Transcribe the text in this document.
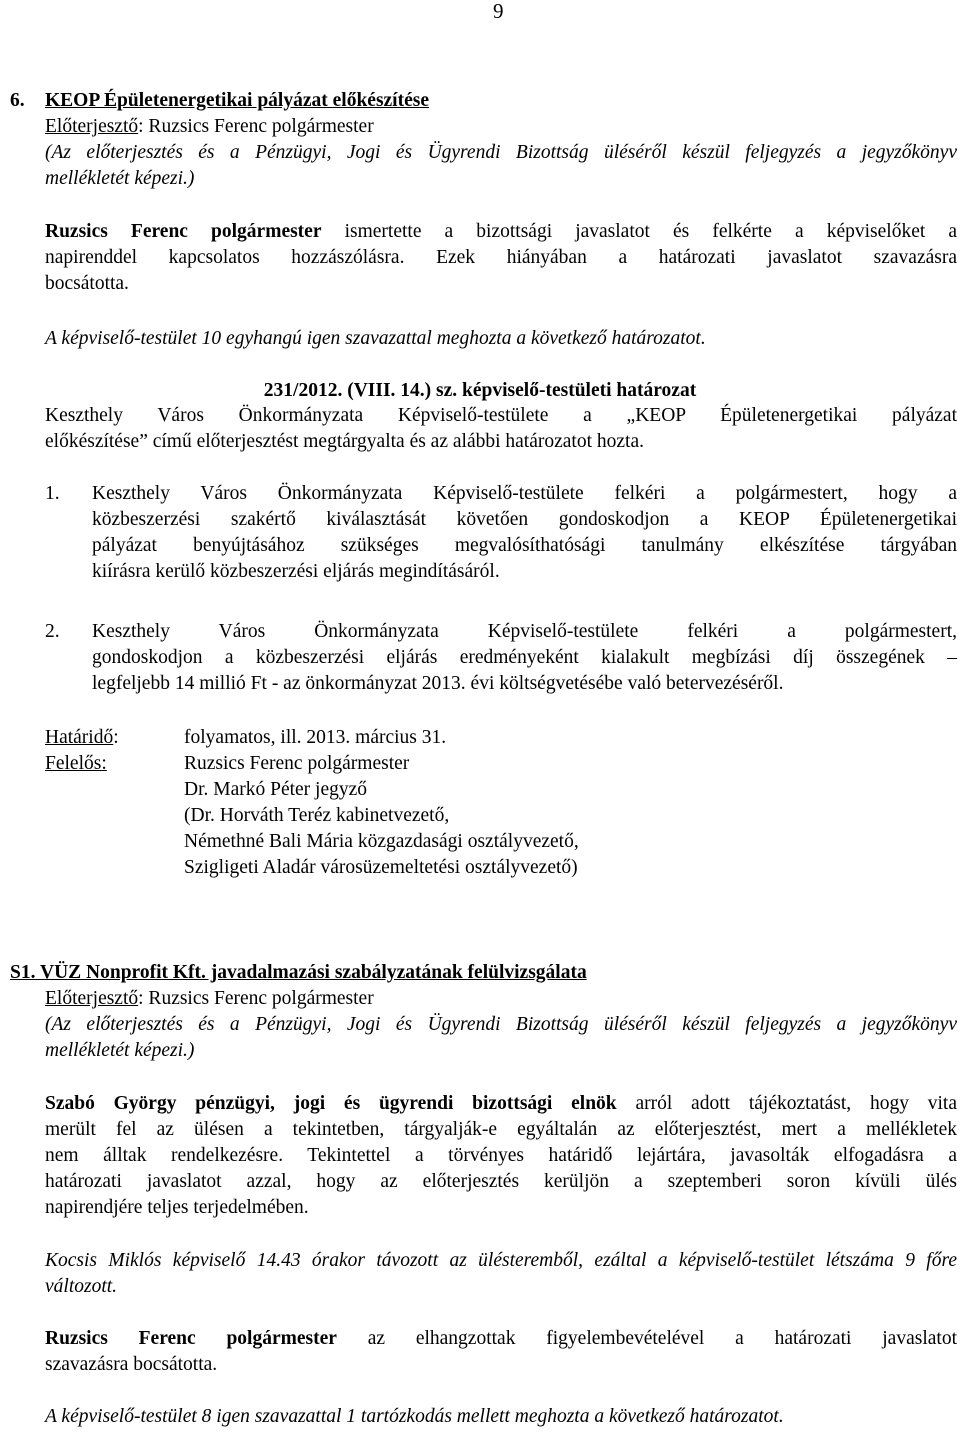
9
6. KEOP Épületenergetikai pályázat előkészítése
Előterjesztő: Ruzsics Ferenc polgármester
(Az előterjesztés és a Pénzügyi, Jogi és Ügyrendi Bizottság üléséről készül feljegyzés a jegyzőkönyv
mellékletét képezi.)
Ruzsics Ferenc polgármester ismertette a bizottsági javaslatot és felkérte a képviselőket a
napirenddel kapcsolatos hozzászólásra. Ezek hiányában a határozati javaslatot szavazásra
bocsátotta.
A képviselő-testület 10 egyhangú igen szavazattal meghozta a következő határozatot.
231/2012. (VIII. 14.) sz. képviselő-testületi határozat
Keszthely Város Önkormányzata Képviselő-testülete a „KEOP Épületenergetikai pályázat
előkészítése” című előterjesztést megtárgyalta és az alábbi határozatot hozta.
1. Keszthely Város Önkormányzata Képviselő-testülete felkéri a polgármestert, hogy a
közbeszerzési szakértő kiválasztását követően gondoskodjon a KEOP Épületenergetikai
pályázat benyújtásához szükséges megvalósíthatósági tanulmány elkészítése tárgyában
kiírásra kerülő közbeszerzési eljárás megindításáról.
2. Keszthely Város Önkormányzata Képviselő-testülete felkéri a polgármestert,
gondoskodjon a közbeszerzési eljárás eredményeként kialakult megbízási díj összegének –
legfeljebb 14 millió Ft - az önkormányzat 2013. évi költségvetésébe való betervezéséről.
Határidő:	folyamatos, ill. 2013. március 31.
Felelős:	Ruzsics Ferenc polgármester
Dr. Markó Péter jegyző
(Dr. Horváth Teréz kabinetvezető,
Némethné Bali Mária közgazdasági osztályvezető,
Szigligeti Aladár városüzemeltetési osztályvezető)
S1. VÜZ Nonprofit Kft. javadalmazási szabályzatának felülvizsgálata
Előterjesztő: Ruzsics Ferenc polgármester
(Az előterjesztés és a Pénzügyi, Jogi és Ügyrendi Bizottság üléséről készül feljegyzés a jegyzőkönyv
mellékletét képezi.)
Szabó György pénzügyi, jogi és ügyrendi bizottsági elnök arról adott tájékoztatást, hogy vita
merült fel az ülésen a tekintetben, tárgyalják-e egyáltalán az előterjesztést, mert a mellékletek
nem álltak rendelkezésre. Tekintettel a törvényes határidő lejártára, javasolták elfogadásra a
határozati javaslatot azzal, hogy az előterjesztés kerüljön a szeptemberi soron kívüli ülés
napirendjére teljes terjedelmében.
Kocsis Miklós képviselő 14.43 órakor távozott az ülésteremből, ezáltal a képviselő-testület létszáma 9 főre
változott.
Ruzsics Ferenc polgármester az elhangzottak figyelembevételével a határozati javaslatot
szavazásra bocsátotta.
A képviselő-testület 8 igen szavazattal 1 tartózkodás mellett meghozta a következő határozatot.
